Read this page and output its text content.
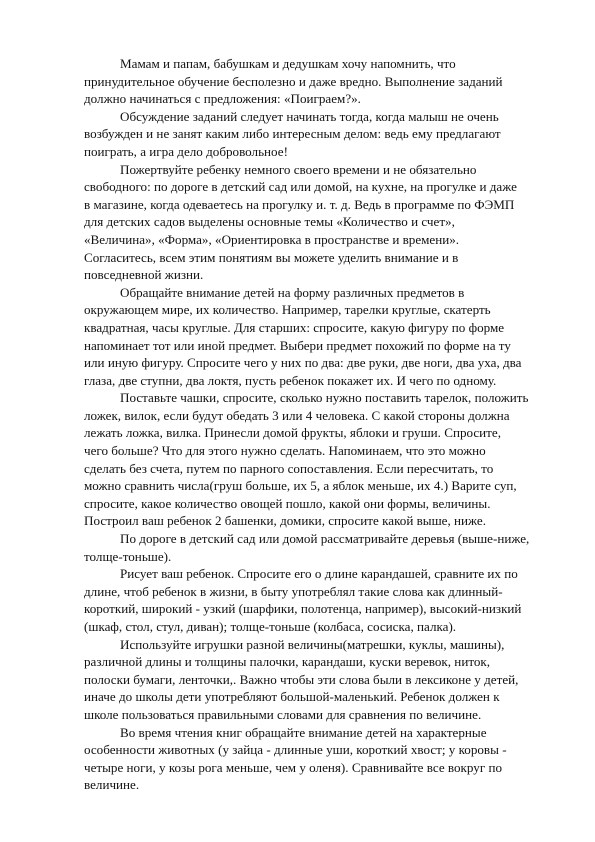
Мамам и папам, бабушкам и дедушкам хочу напомнить, что
принудительное обучение бесполезно и даже вредно. Выполнение заданий
должно начинаться с предложения: «Поиграем?».
Обсуждение заданий следует начинать тогда, когда малыш не очень
возбужден и не занят каким либо интересным делом: ведь ему предлагают
поиграть, а игра дело добровольное!
Пожертвуйте ребенку немного своего времени и не обязательно
свободного: по дороге в детский сад или домой, на кухне, на прогулке и даже
в магазине, когда одеваетесь на прогулку и. т. д. Ведь в программе по ФЭМП
для детских садов выделены основные темы «Количество и счет»,
«Величина», «Форма», «Ориентировка в пространстве и времени».
Согласитесь, всем этим понятиям вы можете уделить внимание и в
повседневной жизни.
Обращайте внимание детей на форму различных предметов в
окружающем мире, их количество. Например, тарелки круглые, скатерть
квадратная, часы круглые. Для старших: спросите, какую фигуру по форме
напоминает тот или иной предмет. Выбери предмет похожий по форме на ту
или иную фигуру. Спросите чего у них по два: две руки, две ноги, два уха, два
глаза, две ступни, два локтя, пусть ребенок покажет их. И чего по одному.
Поставьте чашки, спросите, сколько нужно поставить тарелок, положить
ложек, вилок, если будут обедать 3 или 4 человека. С какой стороны должна
лежать ложка, вилка. Принесли домой фрукты, яблоки и груши. Спросите,
чего больше? Что для этого нужно сделать. Напоминаем, что это можно
сделать без счета, путем по парного сопоставления. Если пересчитать, то
можно сравнить числа(груш больше, их 5, а яблок меньше, их 4.) Варите суп,
спросите, какое количество овощей пошло, какой они формы, величины.
Построил ваш ребенок 2 башенки, домики, спросите какой выше, ниже.
По дороге в детский сад или домой рассматривайте деревья (выше-ниже,
толще-тоньше).
Рисует ваш ребенок. Спросите его о длине карандашей, сравните их по
длине, чтоб ребенок в жизни, в быту употреблял такие слова как длинный-
короткий, широкий - узкий (шарфики, полотенца, например), высокий-низкий
(шкаф, стол, стул, диван); толще-тоньше (колбаса, сосиска, палка).
Используйте игрушки разной величины(матрешки, куклы, машины),
различной длины и толщины палочки, карандаши, куски веревок, ниток,
полоски бумаги, ленточки,. Важно чтобы эти слова были в лексиконе у детей,
иначе до школы дети употребляют большой-маленький. Ребенок должен к
школе пользоваться правильными словами для сравнения по величине.
Во время чтения книг обращайте внимание детей на характерные
особенности животных (у зайца - длинные уши, короткий хвост; у коровы -
четыре ноги, у козы рога меньше, чем у оленя). Сравнивайте все вокруг по
величине.
